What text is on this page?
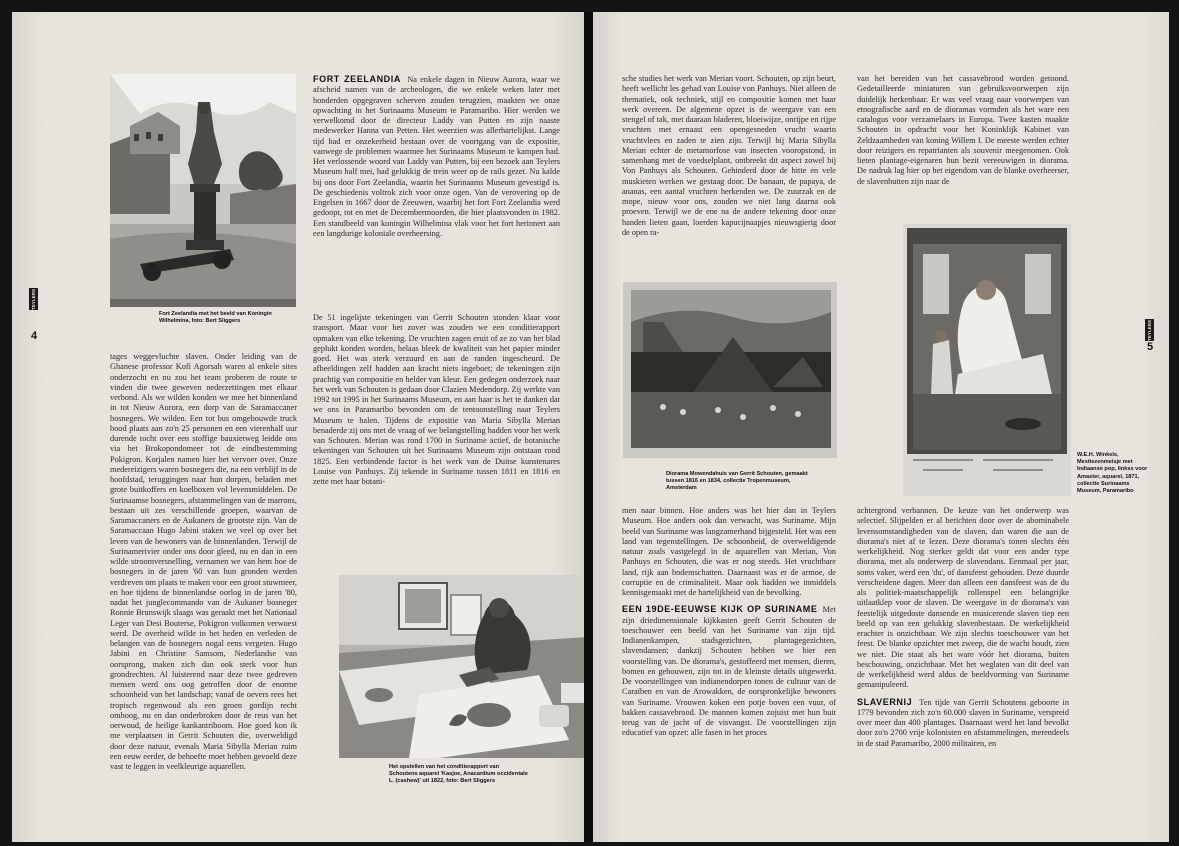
TEYLERS
4
Fort Zeelandia met het beeld van Koningin Wilhelmina, foto: Bert Sliggers

tages weggevluchte slaven. Onder leiding van de Ghanese professor Kofi Agorsah waren al enkele sites onderzocht en nu zou het team proberen de route te vinden die twee geweven nederzettingen met elkaar verbond. Als we wilden konden we mee het binnenland in tot Nieuw Aurora, een dorp van de Saramaccaner bosnegers. We wilden. Een tot bus omgebouwde truck bood plaats aan zo'n 25 personen en een vierenhalf uur durende tocht over een stoffige bauxietweg leidde ons via het Brokopondomeer tot de eindbestemming Pokigron. Korjalen namen hier het vervoer over. Onze medereizigers waren bosnegers die, na een verblijf in de hoofdstad, teruggingen naar hun dorpen, beladen met grote buitkoffers en koelboxen vol levensmiddelen. De Surinaamse bosnegers, afstammelingen van de marrons, bestaan uit zes verschillende groepen, waarvan de Saramaccaners en de Aukaners de grootste zijn. Van de Saramaccaan Hugo Jabini staken we veel op over het leven van de bewoners van de binnenlanden. Terwijl de Surinamerivier onder ons door gleed, nu en dan in een wilde stroomversnelling, vernamen we van hem hoe de bosnegers in de jaren '60 van hun gronden werden verdreven om plaats te maken voor een groot stuwmeer, en hoe tijdens de binnenlandse oorlog in de jaren '80, nadat het junglecommando van de Aukaner bosneger Ronnie Brunswijk slaags was geraakt met het Nationaal Leger van Desi Bouterse, Pokigron volkomen verwoest werd. De overheid wilde in het heden en verleden de belangen van de bosnegers nogal eens vergeten. Hugo Jabini en Christine Samsom, Nederlandse van oorsprong, maken zich dan ook sterk voor hun grondrechten. Al luisterend naar deze twee gedreven mensen werd ons oog getroffen door de enorme schoonheid van het landschap; vanaf de oevers rees het tropisch regenwoud als een groen gordijn recht omhoog, nu en dan onderbroken door de reus van het oerwoud, de heilige kankantriboom. Hoe goed kon ik me verplaatsen in Gerrit Schouten die, overweldigd door deze natuur, evenals Maria Sibylla Merian ruim een eeuw eerder, de behoefte moet hebben gevoeld deze vast te leggen in veelkleurige aquarellen.

FORT ZEELANDIA Na enkele dagen in Nieuw Aurora, waar we afscheid namen van de archeologen, die we enkele weken later met honderden opgegraven scherven zouden terugzien, maakten we onze opwachting in het Surinaams Museum te Paramaribo. Hier werden we verwelkomd door de directeur Laddy van Putten en zijn naaste medewerker Hanna van Petten. Het weerzien was allerhartelijkst. Lange tijd had er onzekerheid bestaan over de voortgang van de expositie, vanwege de problemen waarmee het Surinaams Museum te kampen had. Het verlossende woord van Laddy van Putten, bij een bezoek aan Teylers Museum half mei, had gelukkig de trein weer op de rails gezet. Nu kalde bij ons door Fort Zeelandia, waarin het Surinaams Museum gevestigd is. De geschiedenis voltrok zich voor onze ogen. Van de verovering op de Engelsen in 1667 door de Zeeuwen, waarbij het fort Fort Zeelandia werd gedoopt, tot en met de Decembermoorden, die hier plaatsvonden in 1982. Een standbeeld van koningin Wilhelmina vlak voor het fort herinnert aan een langdurige koloniale overheersing.

De 51 ingelijste tekeningen van Gerrit Schouten stonden klaar voor transport. Maar voor het zover was zouden we een conditierapport opmaken van elke tekening. De vruchten zagen eruit of ze zo van het blad geplukt konden worden, helaas bleek de kwaliteit van het papier minder goed. Het was sterk verzuurd en aan de randen ingescheurd. De afbeeldingen zelf hadden aan kracht niets ingeboet; de tekeningen zijn prachtig van compositie en helder van kleur. Een gedegen onderzoek naar het werk van Schouten is gedaan door Clazien Medendorp. Zij werkte van 1992 tot 1995 in het Surinaams Museum, en aan haar is het te danken dat we ons in Paramaribo bevonden om de tentoonstelling naar Teylers Museum te halen. Tijdens de expositie van Maria Sibylla Merian benaderde zij ons met de vraag of we belangstelling hadden voor het werk van Schouten. Merian was rond 1700 in Suriname actief, de botanische tekeningen van Schouten uit het Surinaams Museum zijn ontstaan rond 1825. Een verbindende factor is het werk van de Duitse kunstenares Louise von Panhuys. Zij tekende in Suriname tussen 1811 en 1816 en zette met haar botani-

Het opstellen van het conditierapport van Schoutens aquarel 'Kasjoe, Anacardium occidentale L. (cashew)' uit 1822, foto: Bert Sliggers
TEYLERS
5

sche studies het werk van Merian voort. Schouten, op zijn beurt, heeft wellicht les gehad van Louise von Panhuys. Niet alleen de thematiek, ook techniek, stijl en compositie komen met haar werk overeen. De algemene opzet is de weergave van een stengel of tak, met daaraan bladeren, bloeiwijze, onrijpe en rijpe vruchten met ernaast een opengesneden vrucht waarin vruchtvlees en zaden te zien zijn. Terwijl bij Maria Sibylla Merian echter de metamorfose van insecten vooropstond, in samenhang met de voedselplant, ontbreekt dit aspect zowel bij Von Panhuys als Schouten. Gehinderd door de hitte en vele muskieten werken we gestaag door. De banaan, de papaya, de ananas, een aantal vruchten herkenden we. De zuurzak en de mope, nieuw voor ons, zouden we niet lang daarna ook proeven. Terwijl we de ene na de andere tekening door onze handen lieten gaan, loerden kapucijnaapjes nieuwsgierig door de open ra-

van het bereiden van het cassavebrood worden getoond. Gedetailleerde miniaturen van gebruiksvoorwerpen zijn duidelijk herkenbaar. Er was veel vraag naar voorwerpen van etnografische aard en de dioramas vormden als het ware een catalogus voor verzamelaars in Europa. Twee kasten maakte Schouten in opdracht voor het Koninklijk Kabinet van Zeldzaamheden van koning Willem I. De meeste werden echter door reizigers en repatrianten als souvenir meegenomen. Ook lieten plantage-eigenaren hun bezit vereeuwigen in diorama. De nadruk lag hier op het eigendom van de blanke overheerser, de slavenhutten zijn naar de

Diorama Mowendahuis van Gerrit Schouten, gemaakt tussen 1816 en 1834, collectie Tropenmuseum, Amsterdam
W.E.H. Winkels, Mestiezenmeisje met Indiaanse pop, linkss voor Amaster, aquarel, 1871, collectie Surinaams Museum, Paramaribo

men naar binnen. Hoe anders was het hier dan in Teylers Museum. Hoe anders ook dan verwacht, was Suriname. Mijn beeld van Suriname was langzamerhand bijgesteld. Het was een land van tegenstellingen. De schoonheid, de overweldigende natuur zoals vastgelegd in de aquarellen van Merian, Von Panhuys en Schouten, die was er nog steeds. Het vruchtbare land, rijk aan bodemschatten. Daarnaast was er de armoe, de corruptie en de criminaliteit. Maar ook hadden we inmiddels kennisgemaakt met de hartelijkheid van de bevolking.

EEN 19DE-EEUWSE KIJK OP SURINAME Met zijn driedimensionale kijkkasten geeft Gerrit Schouten de toeschouwer een beeld van het Suriname van zijn tijd. Indianenkampen, stadsgezichten, plantagegezichten, slavendansen; dankzij Schouten hebben we hier een voorstelling van. De diorama's, gestoffeerd met mensen, dieren, bomen en gebouwen, zijn tot in de kleinste details uitgewerkt. De voorstellingen van indianendorpen tonen de cultuur van de Caraïben en van de Arowakken, de oorspronkelijke bewoners van Suriname. Vrouwen koken een potje boven een vuur, of bakken cassavebrood. De mannen komen zojuist met hun buit terug van de jacht of de visvangst. De voorstellingen zijn educatief van opzet: alle fasen in het proces

achtergrond verbannen. De keuze van het onderwerp was selectief. Slijpelden er al berichten door over de abominabele levensomstandigheden van de slaven, dan waren die aan de diorama's niet af te lezen. Deze diorama's tonen slechts één werkelijkheid. Nog sterker geldt dat voor een ander type diorama, met als onderwerp de slavendans. Eenmaal per jaar, soms vaker, werd een 'du', of dansfeest gehouden. Deze duurde verscheidene dagen. Meer dan alleen een dansfeest was de du als politiek-maatschappelijk rollenspel een belangrijke uitlaatklep voor de slaven. De weergave in de diorama's van feestelijk uitgedoste dansende en musicerende slaven tiep een beeld op van een gelukkig slavenbestaan. De werkelijkheid erachter is onzichtbaar. We zijn slechts toeschouwer van het feest. De blanke opzichter met zweep, die de wacht houdt, zien we niet. Die staat als het ware vóór het diorama, buiten beschouwing, onzichtbaar. Met het weglaten van dit deel van de werkelijkheid werd aldus de beeldvorming van Suriname gemanipuleerd.

SLAVERNIJ Ten tijde van Gerrit Schoutens geboorte in 1779 bevonden zich zo'n 60.000 slaven in Suriname, verspreid over meer dan 400 plantages. Daarnaast werd het land bevolkt door zo'n 2700 vrije kolonisten en afstammelingen, merendeels in de stad Paramaribo, 2000 militairen, en
